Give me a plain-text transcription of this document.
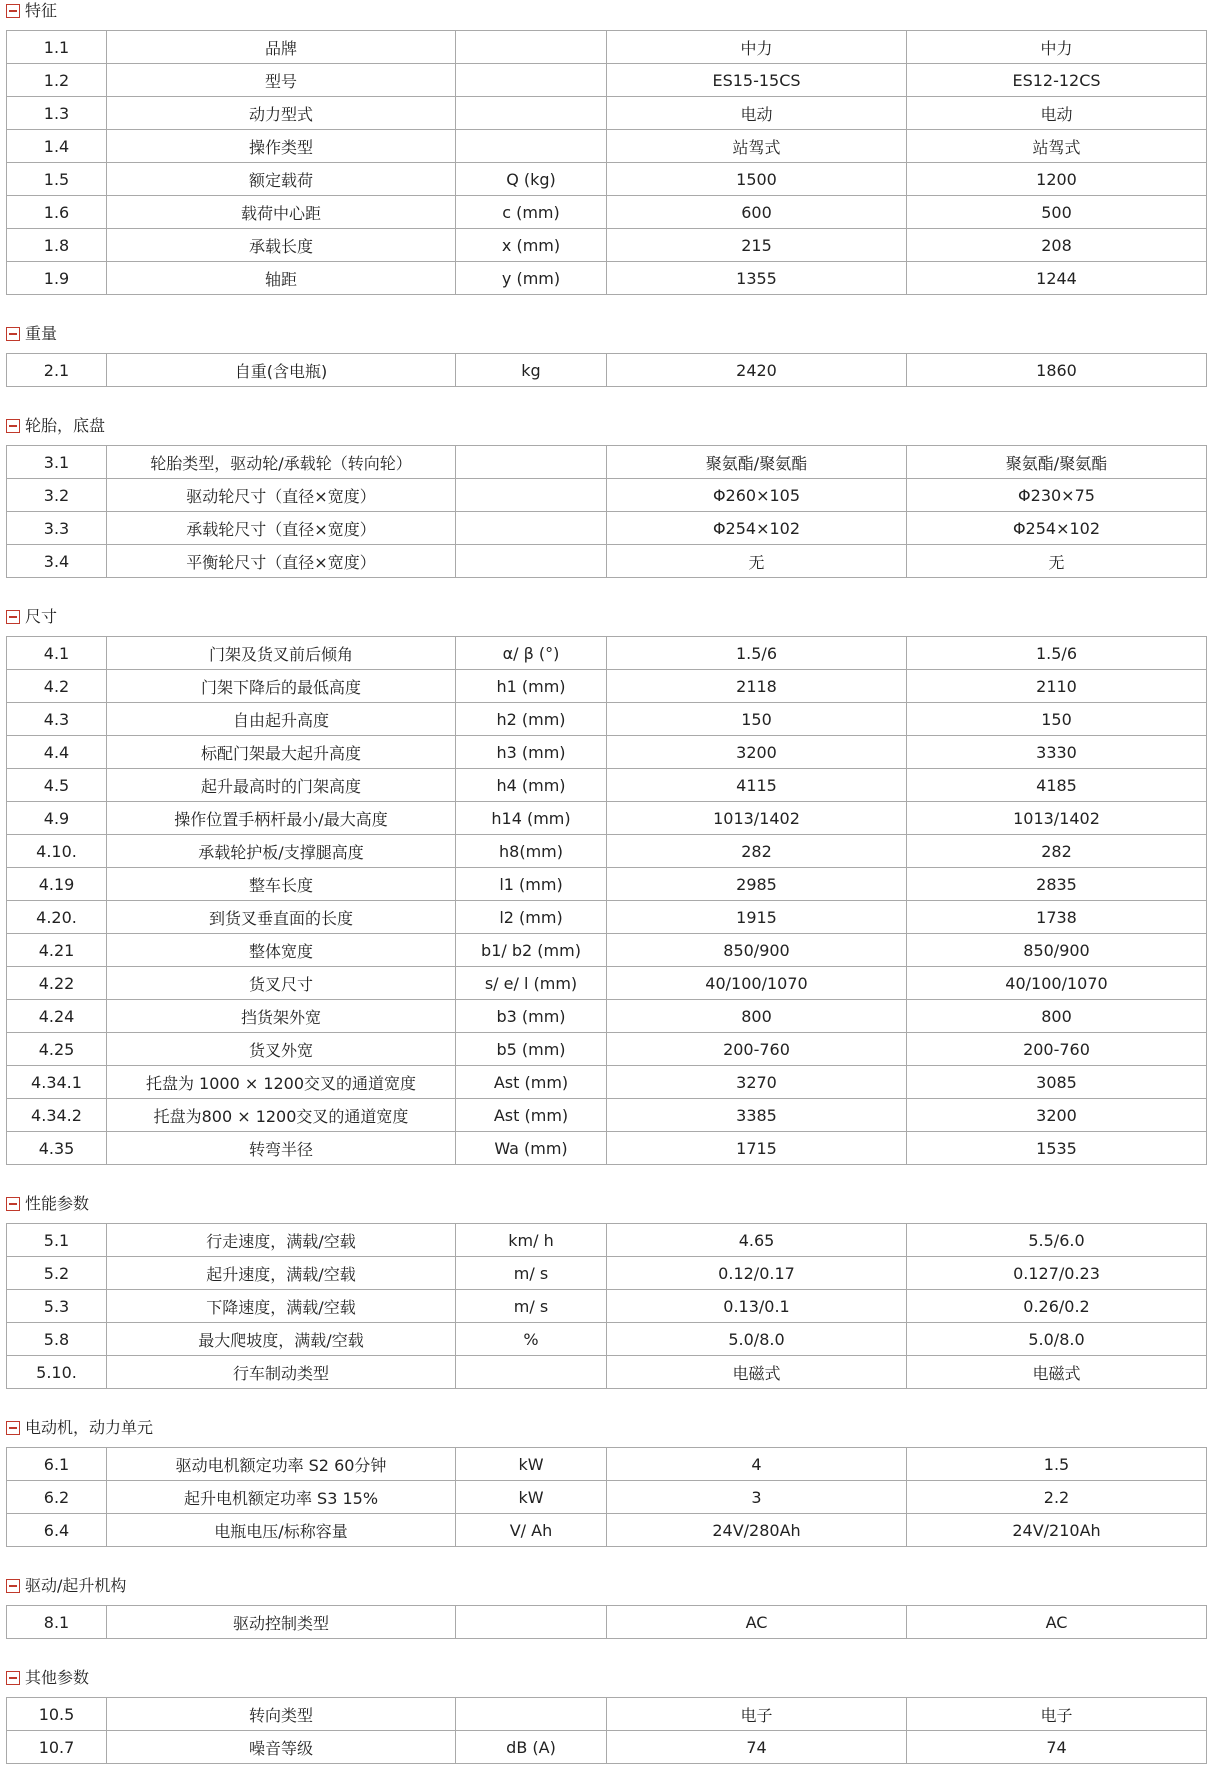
特征
1.1	品牌		中力	中力
1.2	型号		ES15-15CS	ES12-12CS
1.3	动力型式		电动	电动
1.4	操作类型		站驾式	站驾式
1.5	额定载荷	Q (kg)	1500	1200
1.6	载荷中心距	c (mm)	600	500
1.8	承载长度	x (mm)	215	208
1.9	轴距	y (mm)	1355	1244
重量
2.1	自重(含电瓶)	kg	2420	1860
轮胎，底盘
3.1	轮胎类型，驱动轮/承载轮（转向轮）		聚氨酯/聚氨酯	聚氨酯/聚氨酯
3.2	驱动轮尺寸（直径×宽度）		Φ260×105	Φ230×75
3.3	承载轮尺寸（直径×宽度）		Φ254×102	Φ254×102
3.4	平衡轮尺寸（直径×宽度）		无	无
尺寸
4.1	门架及货叉前后倾角	α/ β (°)	1.5/6	1.5/6
4.2	门架下降后的最低高度	h1 (mm)	2118	2110
4.3	自由起升高度	h2 (mm)	150	150
4.4	标配门架最大起升高度	h3 (mm)	3200	3330
4.5	起升最高时的门架高度	h4 (mm)	4115	4185
4.9	操作位置手柄杆最小/最大高度	h14 (mm)	1013/1402	1013/1402
4.10.	承载轮护板/支撑腿高度	h8(mm)	282	282
4.19	整车长度	l1 (mm)	2985	2835
4.20.	到货叉垂直面的长度	l2 (mm)	1915	1738
4.21	整体宽度	b1/ b2 (mm)	850/900	850/900
4.22	货叉尺寸	s/ e/ l (mm)	40/100/1070	40/100/1070
4.24	挡货架外宽	b3 (mm)	800	800
4.25	货叉外宽	b5 (mm)	200-760	200-760
4.34.1	托盘为 1000 × 1200交叉的通道宽度	Ast (mm)	3270	3085
4.34.2	托盘为800 × 1200交叉的通道宽度	Ast (mm)	3385	3200
4.35	转弯半径	Wa (mm)	1715	1535
性能参数
5.1	行走速度，满载/空载	km/ h	4.65	5.5/6.0
5.2	起升速度，满载/空载	m/ s	0.12/0.17	0.127/0.23
5.3	下降速度，满载/空载	m/ s	0.13/0.1	0.26/0.2
5.8	最大爬坡度，满载/空载	%	5.0/8.0	5.0/8.0
5.10.	行车制动类型		电磁式	电磁式
电动机，动力单元
6.1	驱动电机额定功率 S2 60分钟	kW	4	1.5
6.2	起升电机额定功率 S3 15%	kW	3	2.2
6.4	电瓶电压/标称容量	V/ Ah	24V/280Ah	24V/210Ah
驱动/起升机构
8.1	驱动控制类型		AC	AC
其他参数
10.5	转向类型		电子	电子
10.7	噪音等级	dB (A)	74	74
